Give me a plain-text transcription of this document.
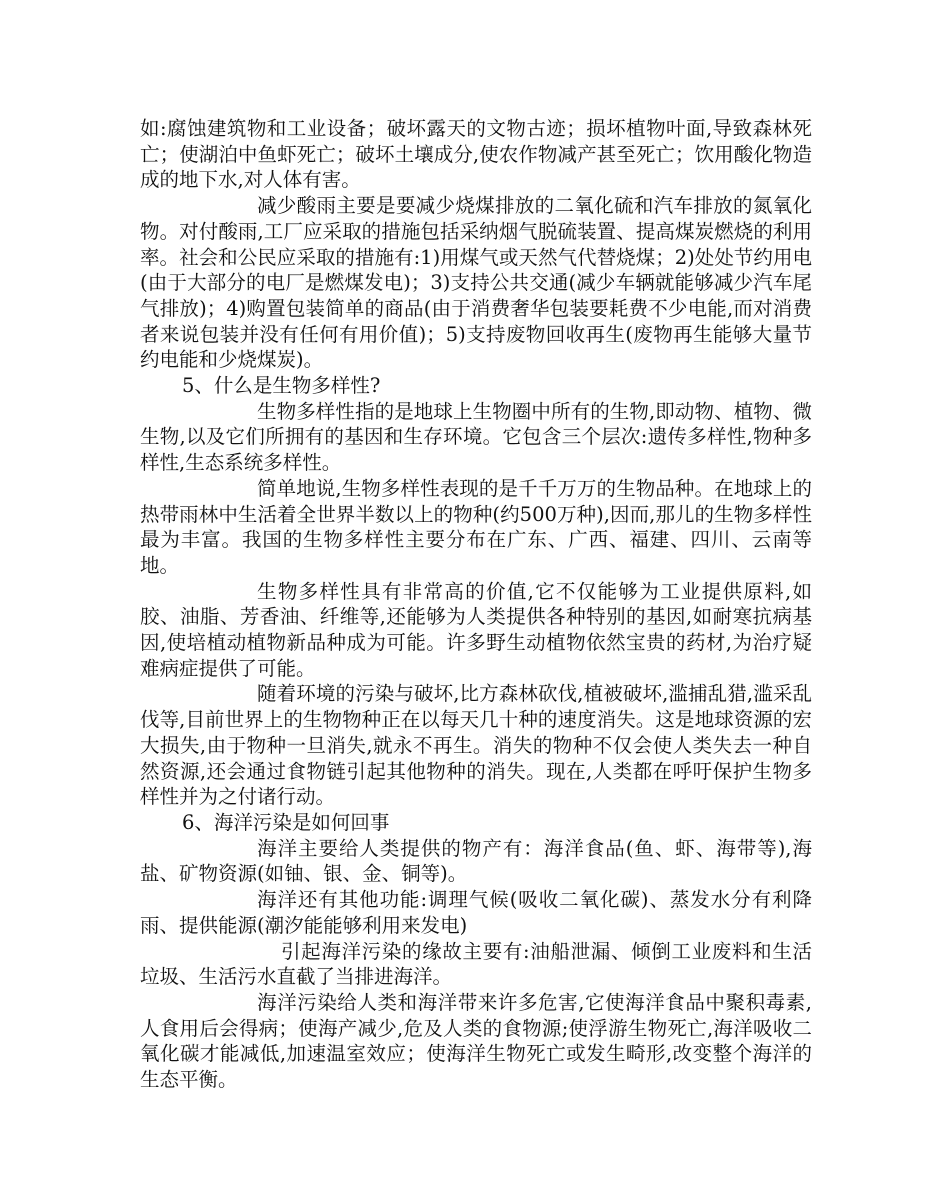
如:腐蚀建筑物和工业设备；破坏露天的文物古迹；损坏植物叶面,导致森林死亡；使湖泊中鱼虾死亡；破坏土壤成分,使农作物减产甚至死亡；饮用酸化物造成的地下水,对人体有害。

减少酸雨主要是要减少烧煤排放的二氧化硫和汽车排放的氮氧化物。对付酸雨,工厂应采取的措施包括采纳烟气脱硫装置、提高煤炭燃烧的利用率。社会和公民应采取的措施有:1)用煤气或天然气代替烧煤；2)处处节约用电(由于大部分的电厂是燃煤发电)；3)支持公共交通(减少车辆就能够减少汽车尾气排放)；4)购置包装简单的商品(由于消费奢华包装要耗费不少电能,而对消费者来说包装并没有任何有用价值)；5)支持废物回收再生(废物再生能够大量节约电能和少烧煤炭)。

5、什么是生物多样性?

生物多样性指的是地球上生物圈中所有的生物,即动物、植物、微生物,以及它们所拥有的基因和生存环境。它包含三个层次:遗传多样性,物种多样性,生态系统多样性。

简单地说,生物多样性表现的是千千万万的生物品种。在地球上的热带雨林中生活着全世界半数以上的物种(约500万种),因而,那儿的生物多样性最为丰富。我国的生物多样性主要分布在广东、广西、福建、四川、云南等地。

生物多样性具有非常高的价值,它不仅能够为工业提供原料,如胶、油脂、芳香油、纤维等,还能够为人类提供各种特别的基因,如耐寒抗病基因,使培植动植物新品种成为可能。许多野生动植物依然宝贵的药材,为治疗疑难病症提供了可能。

随着环境的污染与破坏,比方森林砍伐,植被破坏,滥捕乱猎,滥采乱伐等,目前世界上的生物物种正在以每天几十种的速度消失。这是地球资源的宏大损失,由于物种一旦消失,就永不再生。消失的物种不仅会使人类失去一种自然资源,还会通过食物链引起其他物种的消失。现在,人类都在呼吁保护生物多样性并为之付诸行动。

6、海洋污染是如何回事

海洋主要给人类提供的物产有：海洋食品(鱼、虾、海带等),海盐、矿物资源(如铀、银、金、铜等)。

海洋还有其他功能:调理气候(吸收二氧化碳)、蒸发水分有利降雨、提供能源(潮汐能能够利用来发电)

引起海洋污染的缘故主要有:油船泄漏、倾倒工业废料和生活垃圾、生活污水直截了当排进海洋。

海洋污染给人类和海洋带来许多危害,它使海洋食品中聚积毒素,人食用后会得病；使海产减少,危及人类的食物源;使浮游生物死亡,海洋吸收二氧化碳才能减低,加速温室效应；使海洋生物死亡或发生畸形,改变整个海洋的生态平衡。
